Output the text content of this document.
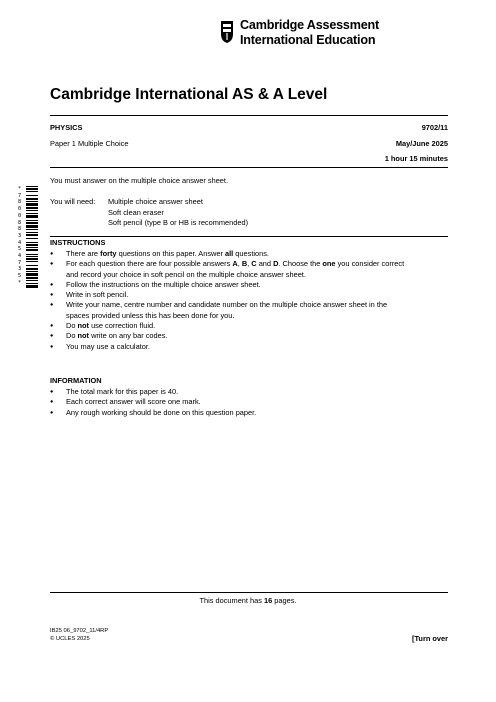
Cambridge Assessment
International Education
Cambridge International AS & A Level
PHYSICS	9702/11
Paper 1 Multiple Choice	May/June 2025
1 hour 15 minutes
You must answer on the multiple choice answer sheet.
You will need: Multiple choice answer sheet
Soft clean eraser
Soft pencil (type B or HB is recommended)
*
7
8
0
0
8
8
3
4
5
4
7
3
5
*
INSTRUCTIONS
● There are forty questions on this paper. Answer all questions.
● For each question there are four possible answers A, B, C and D. Choose the one you consider correct
and record your choice in soft pencil on the multiple choice answer sheet.
● Follow the instructions on the multiple choice answer sheet.
● Write in soft pencil.
● Write your name, centre number and candidate number on the multiple choice answer sheet in the
spaces provided unless this has been done for you.
● Do not use correction fluid.
● Do not write on any bar codes.
● You may use a calculator.
INFORMATION
● The total mark for this paper is 40.
● Each correct answer will score one mark.
● Any rough working should be done on this question paper.
This document has 16 pages.
IB25 06_9702_11/4RP
© UCLES 2025	[Turn over
